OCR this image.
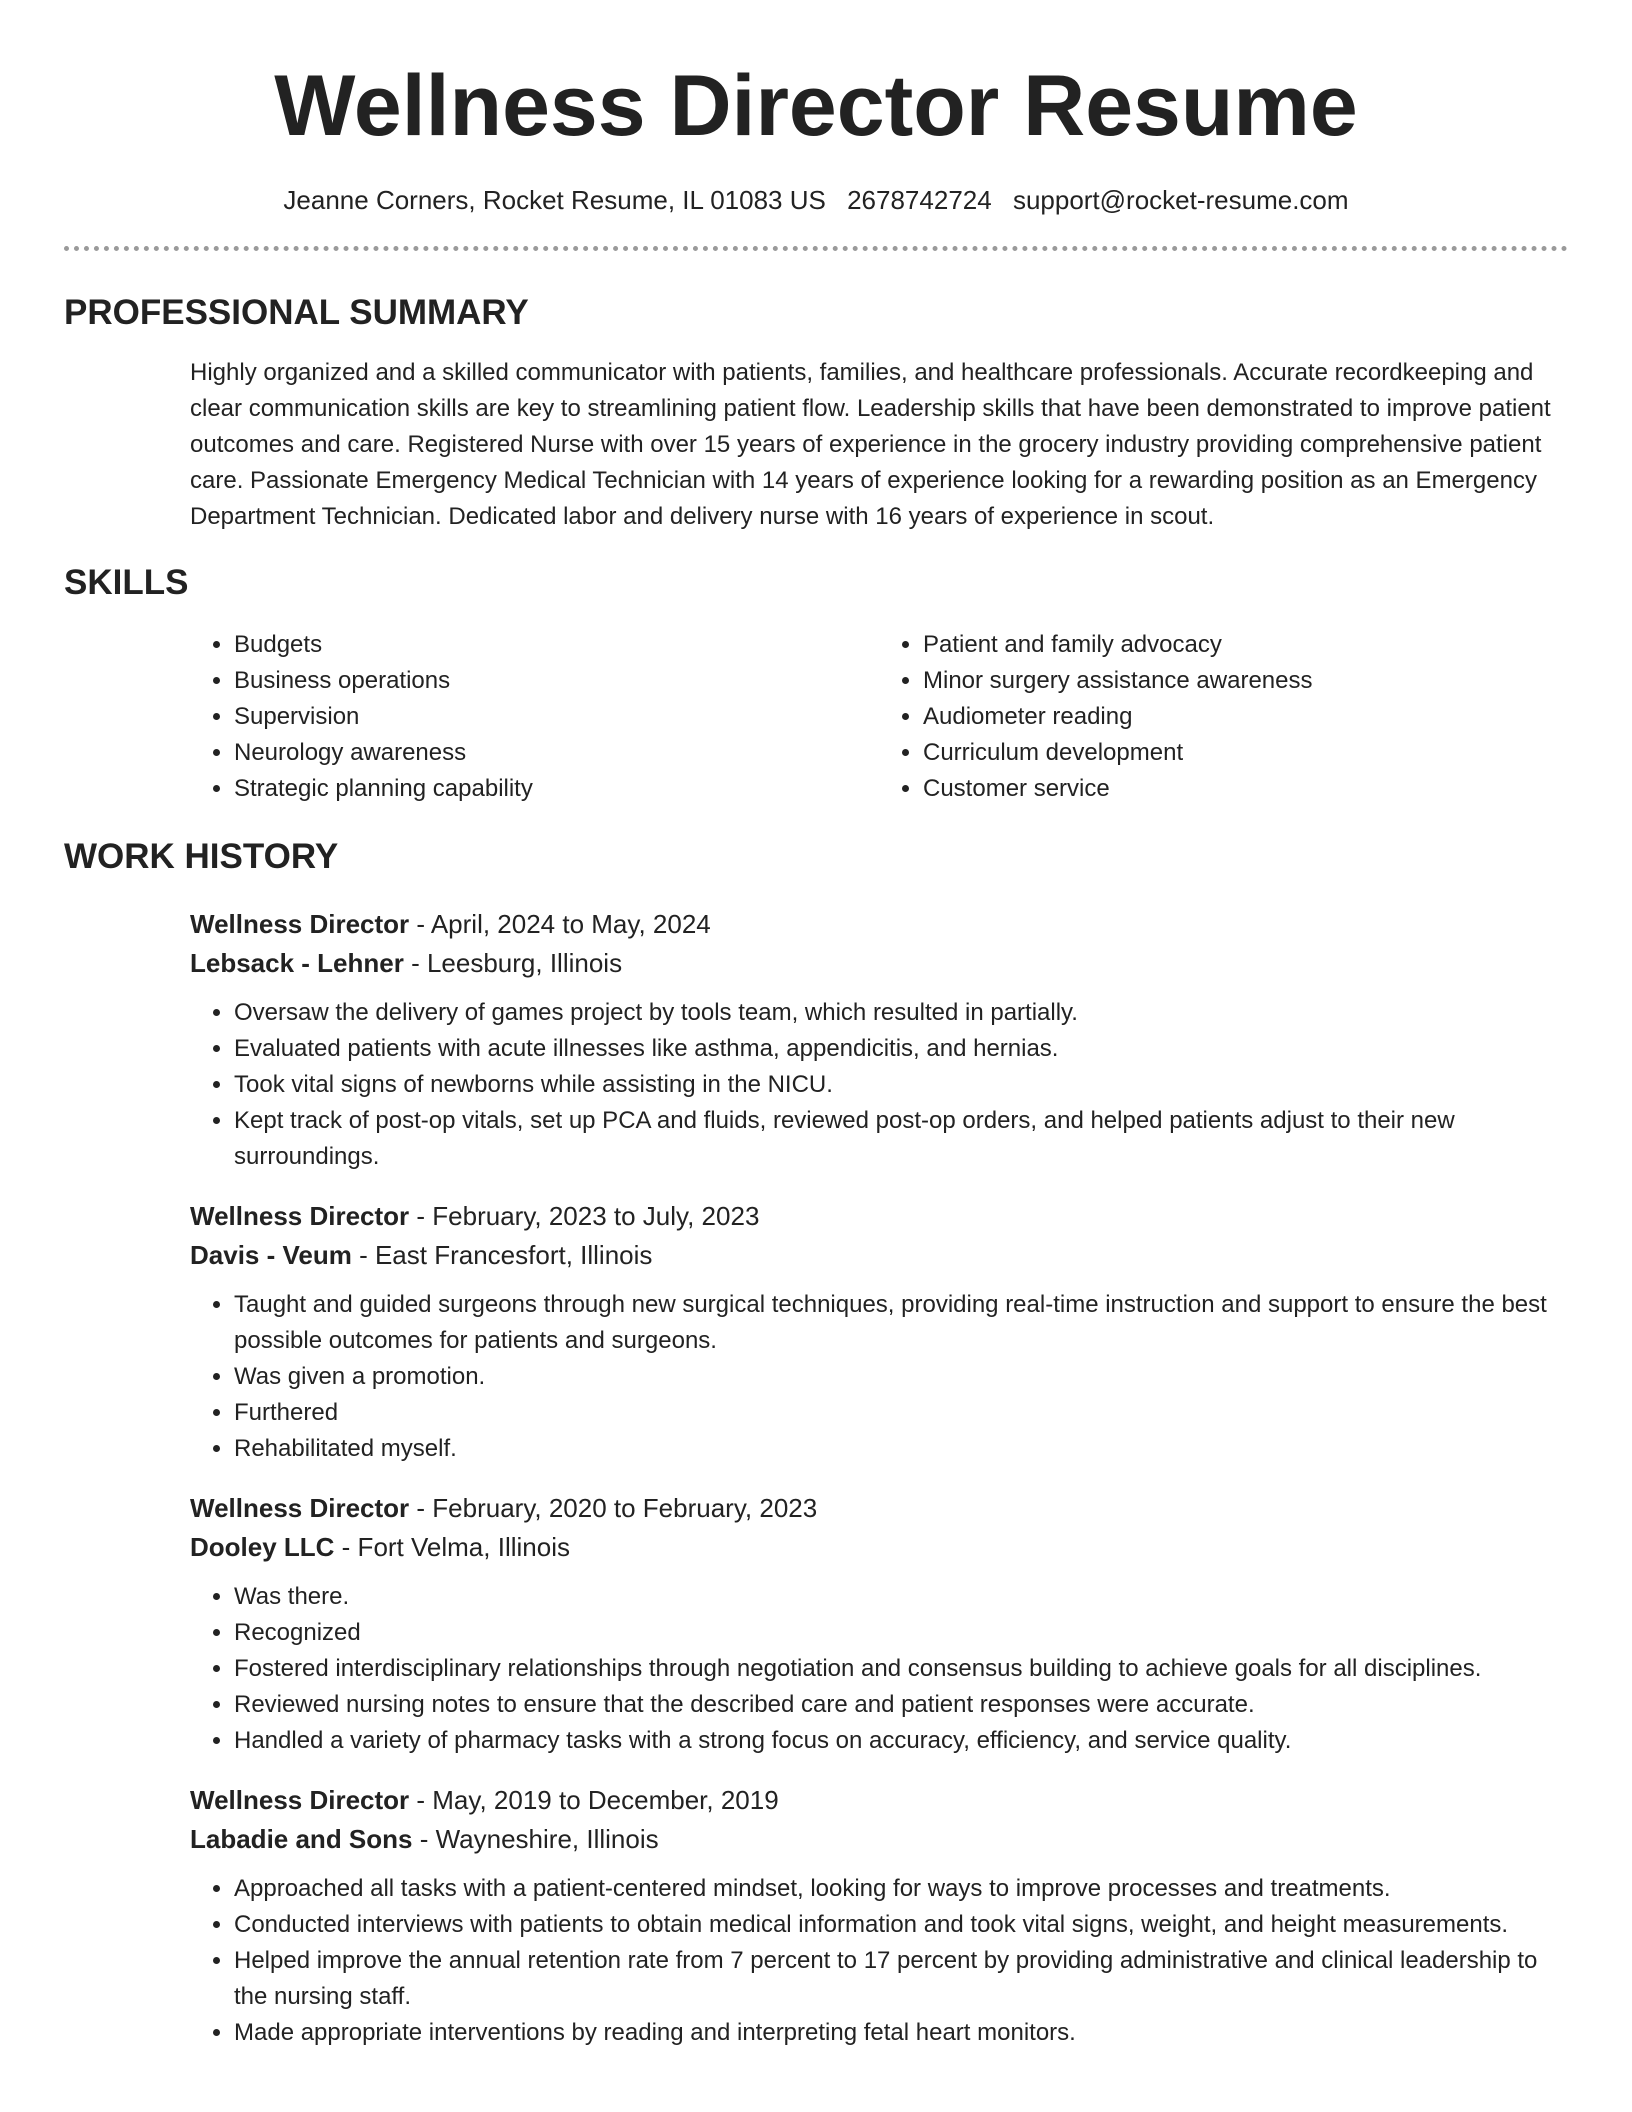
Wellness Director Resume
Jeanne Corners, Rocket Resume, IL 01083 US 2678742724 support@rocket-resume.com
PROFESSIONAL SUMMARY

Highly organized and a skilled communicator with patients, families, and healthcare professionals. Accurate recordkeeping and clear communication skills are key to streamlining patient flow. Leadership skills that have been demonstrated to improve patient outcomes and care. Registered Nurse with over 15 years of experience in the grocery industry providing comprehensive patient care. Passionate Emergency Medical Technician with 14 years of experience looking for a rewarding position as an Emergency Department Technician. Dedicated labor and delivery nurse with 16 years of experience in scout.

SKILLS
• Budgets
• Business operations
• Supervision
• Neurology awareness
• Strategic planning capability
• Patient and family advocacy
• Minor surgery assistance awareness
• Audiometer reading
• Curriculum development
• Customer service
WORK HISTORY
Wellness Director - April, 2024 to May, 2024
Lebsack - Lehner - Leesburg, Illinois
• Oversaw the delivery of games project by tools team, which resulted in partially.
• Evaluated patients with acute illnesses like asthma, appendicitis, and hernias.
• Took vital signs of newborns while assisting in the NICU.
• Kept track of post-op vitals, set up PCA and fluids, reviewed post-op orders, and helped patients adjust to their new surroundings.
Wellness Director - February, 2023 to July, 2023
Davis - Veum - East Francesfort, Illinois
• Taught and guided surgeons through new surgical techniques, providing real-time instruction and support to ensure the best possible outcomes for patients and surgeons.
• Was given a promotion.
• Furthered
• Rehabilitated myself.
Wellness Director - February, 2020 to February, 2023
Dooley LLC - Fort Velma, Illinois
• Was there.
• Recognized
• Fostered interdisciplinary relationships through negotiation and consensus building to achieve goals for all disciplines.
• Reviewed nursing notes to ensure that the described care and patient responses were accurate.
• Handled a variety of pharmacy tasks with a strong focus on accuracy, efficiency, and service quality.
Wellness Director - May, 2019 to December, 2019
Labadie and Sons - Wayneshire, Illinois
• Approached all tasks with a patient-centered mindset, looking for ways to improve processes and treatments.
• Conducted interviews with patients to obtain medical information and took vital signs, weight, and height measurements.
• Helped improve the annual retention rate from 7 percent to 17 percent by providing administrative and clinical leadership to the nursing staff.
• Made appropriate interventions by reading and interpreting fetal heart monitors.
